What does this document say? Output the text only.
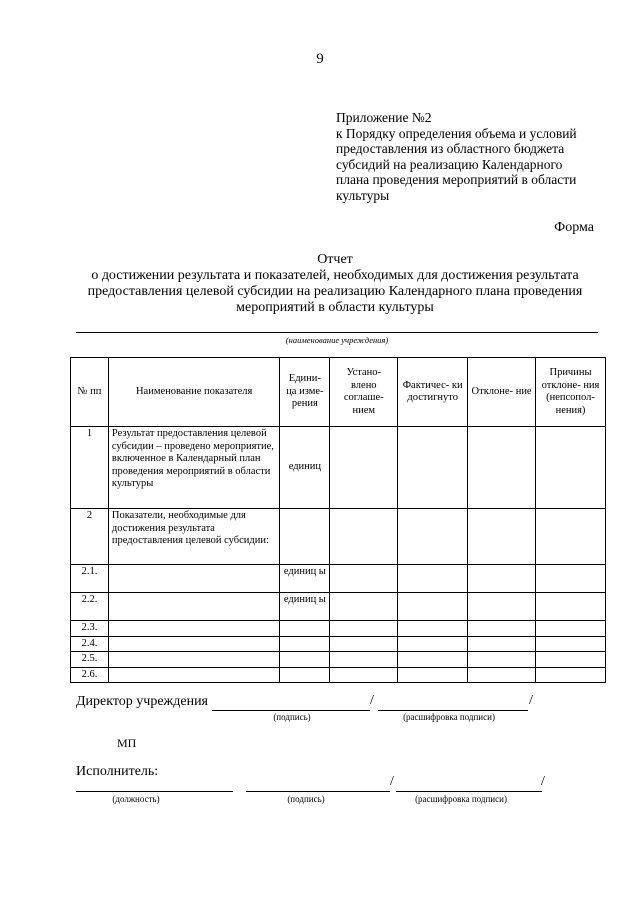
9
Приложение №2
к Порядку определения объема и условий
предоставления из областного бюджета
субсидий на реализацию Календарного
плана проведения мероприятий в области
культуры
Форма
Отчет
о достижении результата и показателей, необходимых для достижения результата
предоставления целевой субсидии на реализацию Календарного плана проведения
мероприятий в области культуры
(наименование учреждения)
№ пп	Наименование показателя	Едини- ца изме- рения	Устано- влено соглаше- нием	Фактичес- ки достигнуто	Отклоне- ние	Причины отклоне- ния (непсопол- нения)
1	Результат предоставления целевой субсидии – проведено мероприятие, включенное в Календарный план проведения мероприятий в области культуры	единиц				
2	Показатели, необходимые для достижения результата предоставления целевой субсидии:					
2.1.		единиц ы				
2.2.		единиц ы				
2.3.						
2.4.						
2.5.						
2.6.						
Директор учреждения	/	/
(подпись)	(расшифровка подписи)
МП
Исполнитель:
/	/
(должность)	(подпись)	(расшифровка подписи)
